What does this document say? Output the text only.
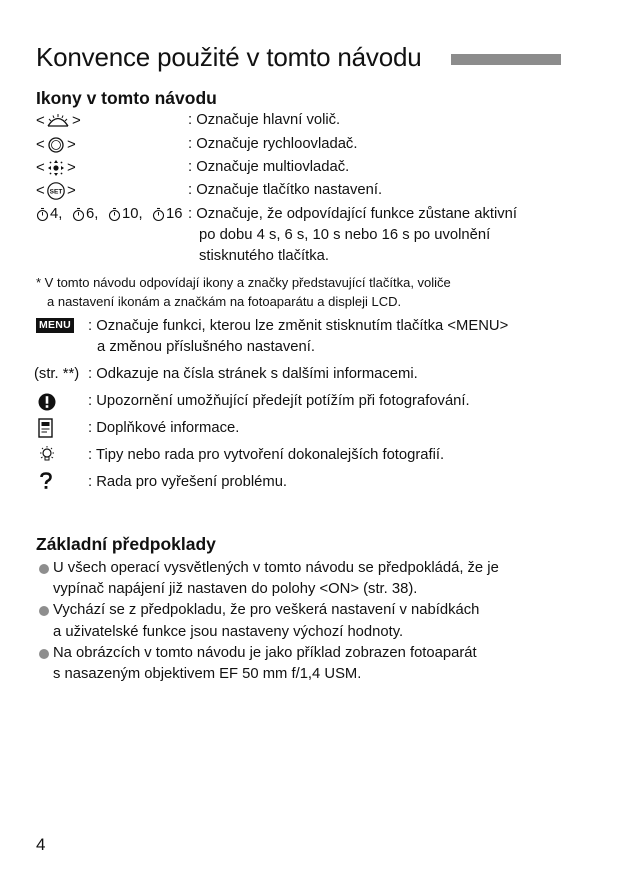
Konvence použité v tomto návodu
Ikony v tomto návodu
< >	: Označuje hlavní volič.
< >	: Označuje rychloovladač.
< >	: Označuje multiovladač.
< SET >	: Označuje tlačítko nastavení.
4, 6, 10, 16 : Označuje, že odpovídající funkce zůstane aktivní
po dobu 4 s, 6 s, 10 s nebo 16 s po uvolnění
stisknutého tlačítka.
* V tomto návodu odpovídají ikony a značky představující tlačítka, voliče
a nastavení ikonám a značkám na fotoaparátu a displeji LCD.
MENU : Označuje funkci, kterou lze změnit stisknutím tlačítka <MENU>
a změnou příslušného nastavení.
(str. **) : Odkazuje na čísla stránek s dalšími informacemi.
: Upozornění umožňující předejít potížím při fotografování.
: Doplňkové informace.
: Tipy nebo rada pro vytvoření dokonalejších fotografií.
: Rada pro vyřešení problému.
Základní předpoklady
U všech operací vysvětlených v tomto návodu se předpokládá, že je
vypínač napájení již nastaven do polohy <ON> (str. 38).
Vychází se z předpokladu, že pro veškerá nastavení v nabídkách
a uživatelské funkce jsou nastaveny výchozí hodnoty.
Na obrázcích v tomto návodu je jako příklad zobrazen fotoaparát
s nasazeným objektivem EF 50 mm f/1,4 USM.
4
